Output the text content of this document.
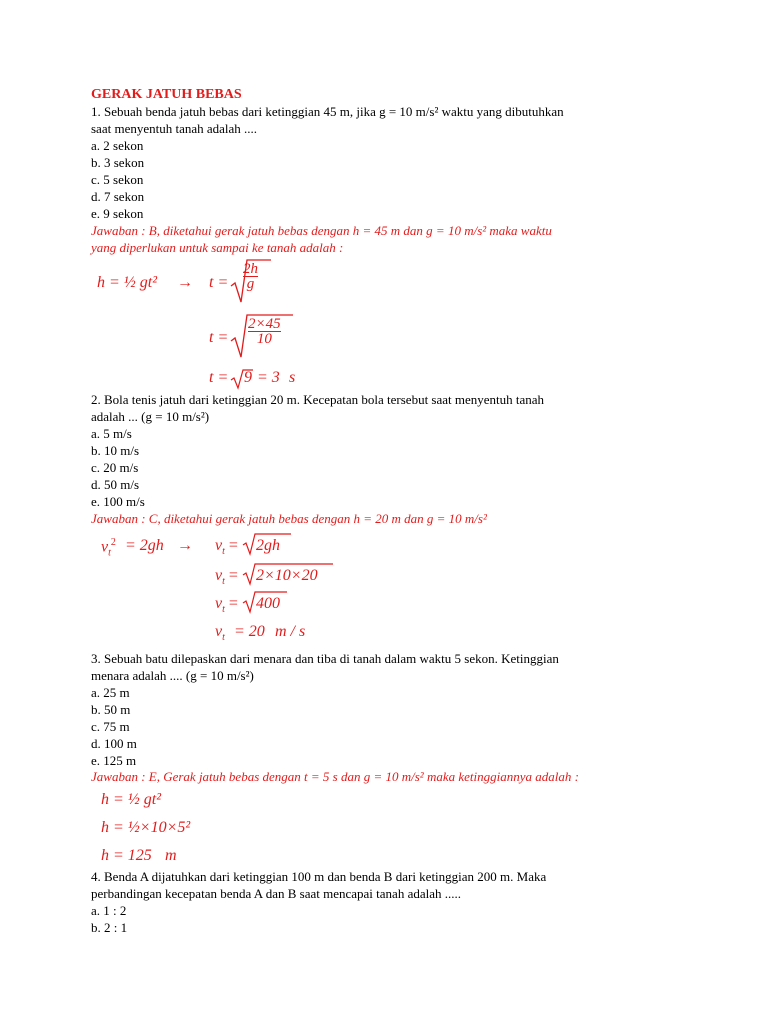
GERAK JATUH BEBAS
1. Sebuah benda jatuh bebas dari ketinggian 45 m, jika g = 10 m/s² waktu yang dibutuhkan
saat menyentuh tanah adalah ....
a. 2 sekon
b. 3 sekon
c. 5 sekon
d. 7 sekon
e. 9 sekon
Jawaban : B, diketahui gerak jatuh bebas dengan h = 45 m dan g = 10 m/s² maka waktu
yang diperlukan untuk sampai ke tanah adalah :
h = ½ $gt^2 \to t = \frac{2h}{g}$
$t = \frac{2\times 45}{10}$
t = 9 = 3 s
2. Bola tenis jatuh dari ketinggian 20 m. Kecepatan bola tersebut saat menyentuh tanah
adalah ... (g = 10 m/s²)
a. 5 m/s
b. 10 m/s
c. 20 m/s
d. 50 m/s
e. 100 m/s
Jawaban : C, diketahui gerak jatuh bebas dengan h = 20 m dan g = 10 m/s²
$v_t^2 = 2gh \to v_t = 2gh$
$v_t = 2\times 10\times 20$
$v_t = 400$
$v_t = 20$ m / s
3. Sebuah batu dilepaskan dari menara dan tiba di tanah dalam waktu 5 sekon. Ketinggian
menara adalah .... (g = 10 m/s²)
a. 25 m
b. 50 m
c. 75 m
d. 100 m
e. 125 m
Jawaban : E, Gerak jatuh bebas dengan t = 5 s dan g = 10 m/s² maka ketinggiannya adalah :
h = ½ gt²
h = ½×10×5²
h = 125 m
4. Benda A dijatuhkan dari ketinggian 100 m dan benda B dari ketinggian 200 m. Maka
perbandingan kecepatan benda A dan B saat mencapai tanah adalah .....
a. 1 : 2
b. 2 : 1
